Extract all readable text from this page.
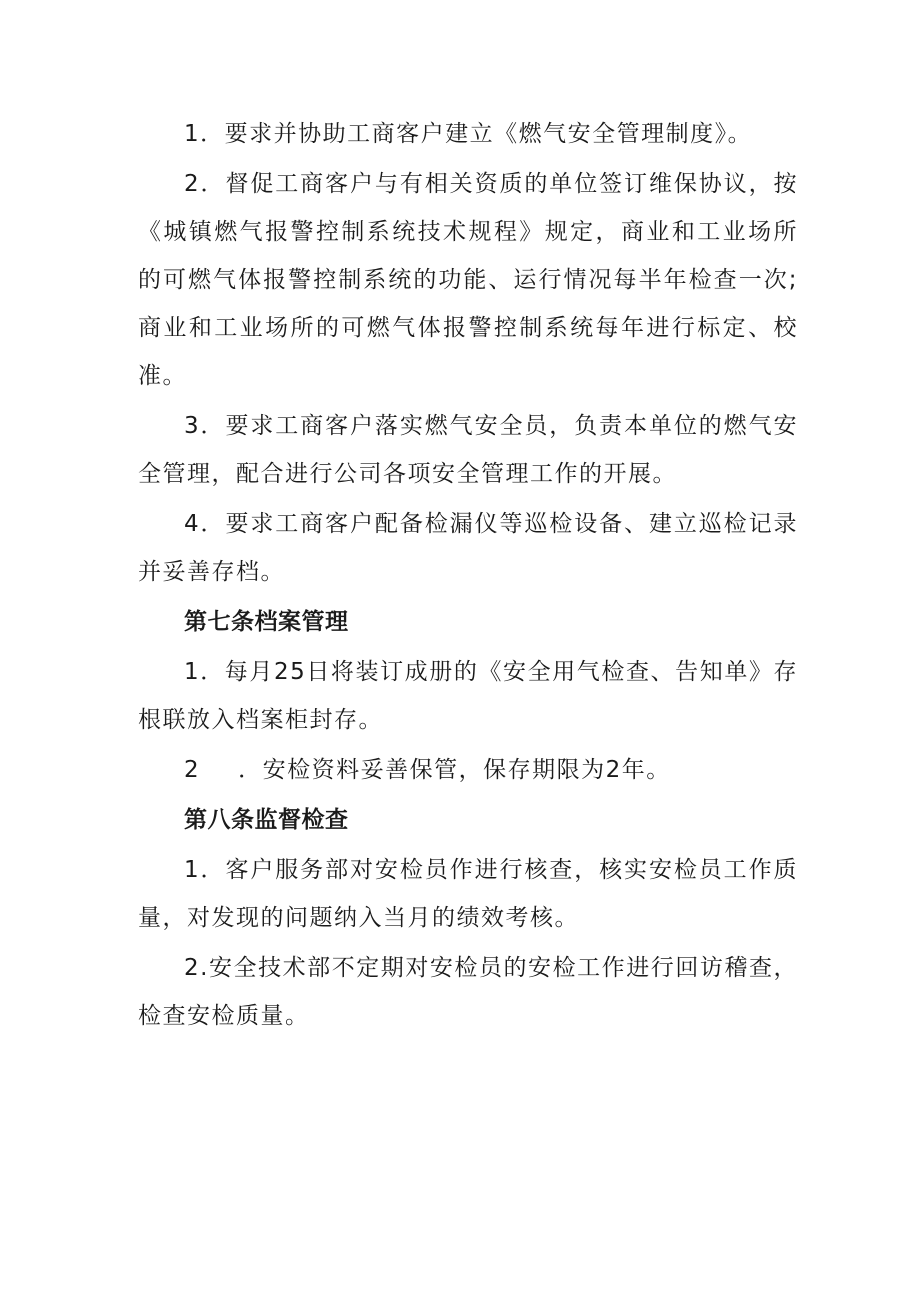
1．要求并协助工商客户建立《燃气安全管理制度》。

2．督促工商客户与有相关资质的单位签订维保协议，按《城镇燃气报警控制系统技术规程》规定，商业和工业场所的可燃气体报警控制系统的功能、运行情况每半年检查一次;商业和工业场所的可燃气体报警控制系统每年进行标定、校准。

3．要求工商客户落实燃气安全员，负责本单位的燃气安全管理，配合进行公司各项安全管理工作的开展。

4．要求工商客户配备检漏仪等巡检设备、建立巡检记录并妥善存档。

第七条档案管理

1．每月25日将装订成册的《安全用气检查、告知单》存根联放入档案柜封存。

2 ．安检资料妥善保管，保存期限为2年。

第八条监督检查

1．客户服务部对安检员作进行核查，核实安检员工作质量，对发现的问题纳入当月的绩效考核。

2.安全技术部不定期对安检员的安检工作进行回访稽查，检查安检质量。
